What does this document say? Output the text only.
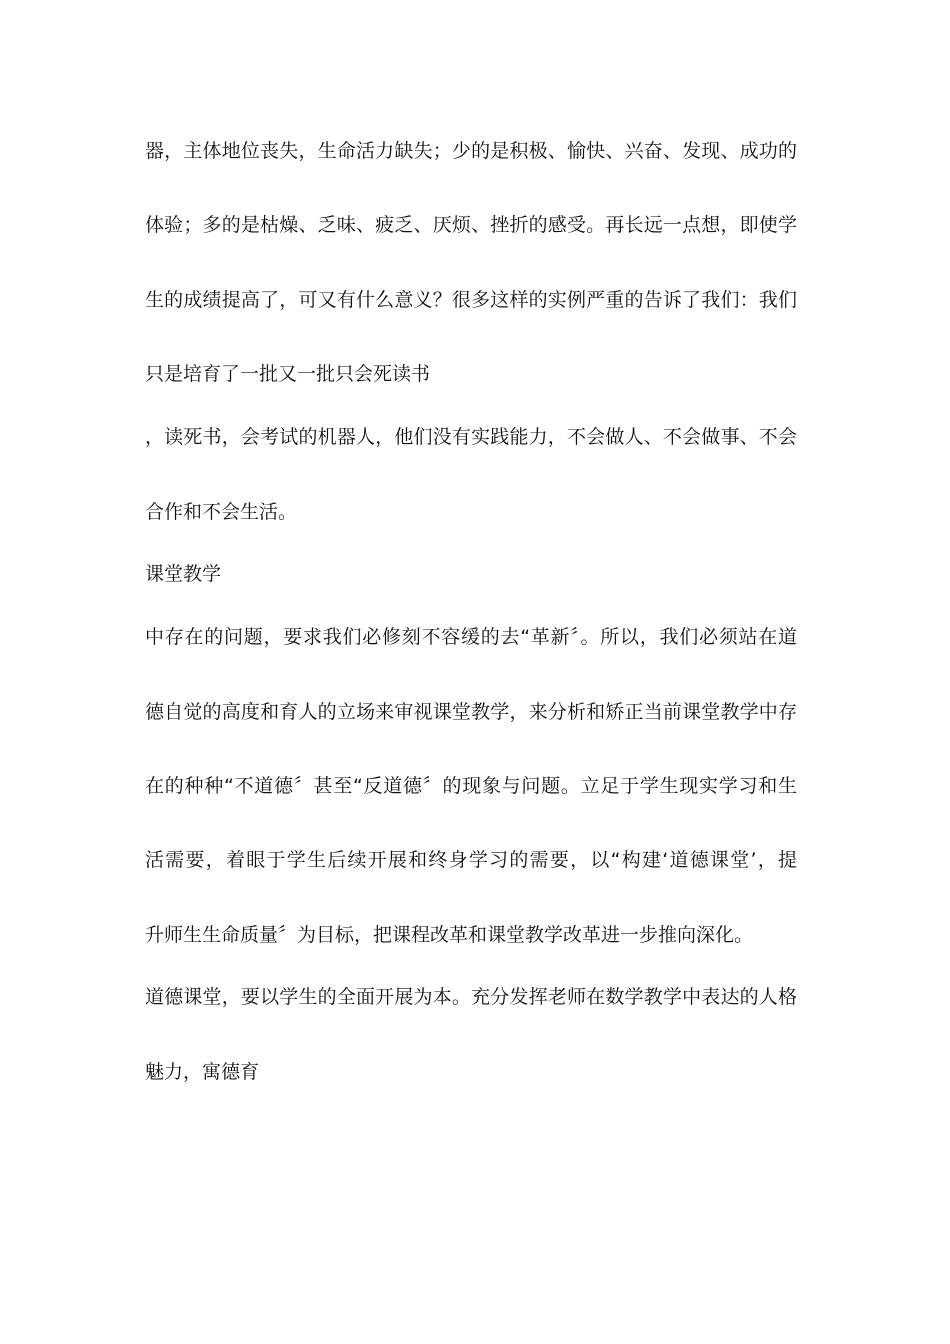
器，主体地位丧失，生命活力缺失；少的是积极、愉快、兴奋、发现、成功的

体验；多的是枯燥、乏味、疲乏、厌烦、挫折的感受。再长远一点想，即使学

生的成绩提高了，可又有什么意义？很多这样的实例严重的告诉了我们：我们

只是培育了一批又一批只会死读书

，读死书，会考试的机器人，他们没有实践能力，不会做人、不会做事、不会

合作和不会生活。

课堂教学

中存在的问题，要求我们必修刻不容缓的去“革新〞。所以，我们必须站在道

德自觉的高度和育人的立场来审视课堂教学，来分析和矫正当前课堂教学中存

在的种种“不道德〞甚至“反道德〞的现象与问题。立足于学生现实学习和生

活需要，着眼于学生后续开展和终身学习的需要，以“构建‘道德课堂’，提

升师生生命质量〞为目标，把课程改革和课堂教学改革进一步推向深化。

道德课堂，要以学生的全面开展为本。充分发挥老师在数学教学中表达的人格

魅力，寓德育
